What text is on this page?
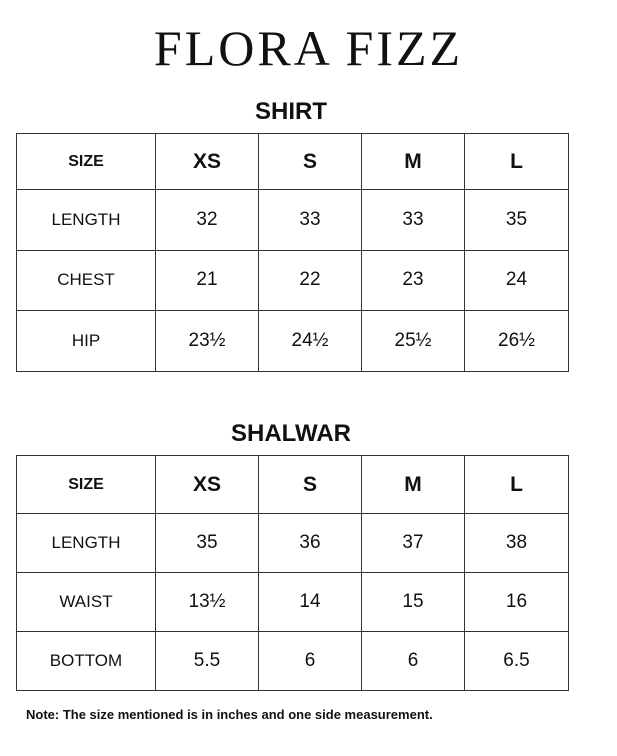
FLORA FIZZ
SHIRT
SIZE	XS	S	M	L
LENGTH	32	33	33	35
CHEST	21	22	23	24
HIP	23½	24½	25½	26½
SHALWAR
SIZE	XS	S	M	L
LENGTH	35	36	37	38
WAIST	13½	14	15	16
BOTTOM	5.5	6	6	6.5
Note: The size mentioned is in inches and one side measurement.
